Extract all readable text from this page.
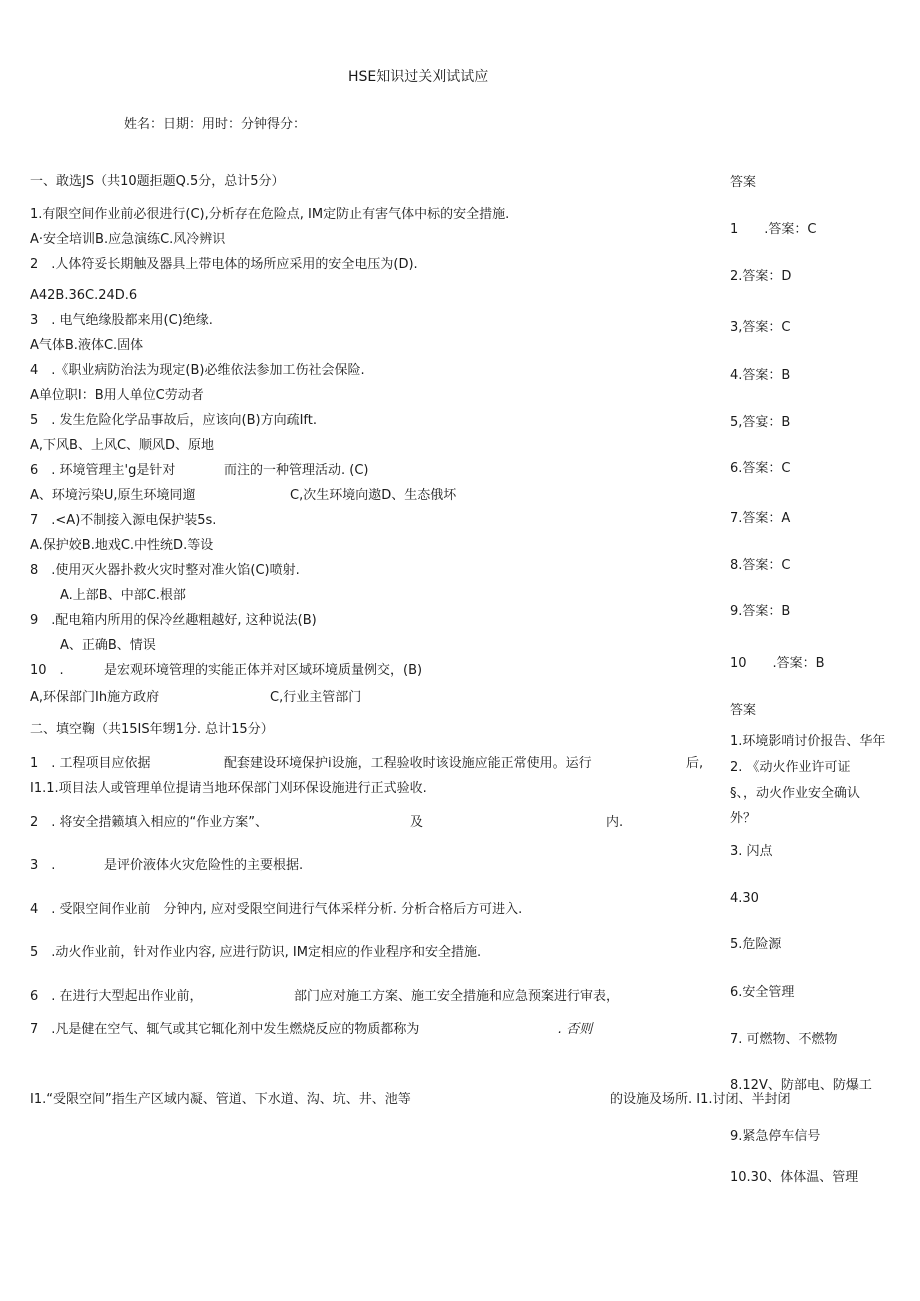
HSE知识过关刈试试应
姓名：日期：用时：分钟得分：
一、敢选JS（共10题拒题Q.5分，总计5分）
1.有限空间作业前必很进行(C),分析存在危险点, IM定防止有害气体中标的安全措施.
A·安全培训B.应急演练C.风冷辨识
2　.人体符妥长期触及器具上带电体的场所应采用的安全电压为(D).
A42B.36C.24D.6
3　. 电气绝缘股都来用(C)绝缘.
A气体B.液体C.固体
4　.《职业病防治法为现定(B)必维依法参加工伤社会保险.
A单位职I：B用人单位C劳动者
5　. 发生危险化学品事故后，应该向(B)方向疏Ift.
A,下风B、上风C、顺风D、原地
6　. 环境管理主'g是针对	而注的一种管理活动. (C)
A、环境污染U,原生环境同遛	C,次生环境向遨D、生态俄坏
7　.<A)不制接入源电保护装5s.
A.保护姣B.地戏C.中性统D.等设
8　.使用灭火器扑救火灾时整对准火馅(C)喷射.
A.上部B、中部C.根部
9　.配电箱内所用的保冷丝趣粗越好, 这种说法(B)
A、正确B、情误
10　.	是宏观环境管理的实能正体并对区域环境质量例交，(B)
A,环保部门Ih施方政府	C,行业主管部门
二、填空鞠（共15IS年甥1分. 总计15分）
1　. 工程项目应依据	配套建设环境保护i设施，工程验收时该设施应能正常使用。运行	后,
I1.1.项目法人或管理单位提请当地环保部门刈环保设施进行正式验收.
2　. 将安全措籁填入相应的“作业方案”、	及	内.
3　.	是评价液体火灾危险性的主要根据.
4　. 受限空间作业前　分钟内, 应对受限空间进行气体采样分析. 分析合格后方可进入.
5　.动火作业前，针对作业内容, 应进行防识, IM定相应的作业程序和安全措施.
6　. 在进行大型起出作业前，	部门应对施工方案、施工安全措施和应急预案进行审表，
7　.凡是健在空气、辄气或其它辄化剂中发生燃烧反应的物质都称为	. 否则
I1.“受限空间”指生产区域内凝、管道、下水道、沟、坑、井、池等	的设施及场所. I1.讨闭、半封闭
答案
1　　.答案：C
2.答案：D
3,答案：C
4.答案：B
5,答宴：B
6.答案：C
7.答案：A
8.答案：C
9.答案：B
10　　.答案：B
答案
1.环境影哨讨价报告、华年
2. 《动火作业许可证
§、，动火作业安全确认
外？
3. 闪点
4.30
5.危险源
6.安全管理
7. 可燃物、不燃物
8.12V、防部电、防爆工
9.紧急停车信号
10.30、体体温、管理
